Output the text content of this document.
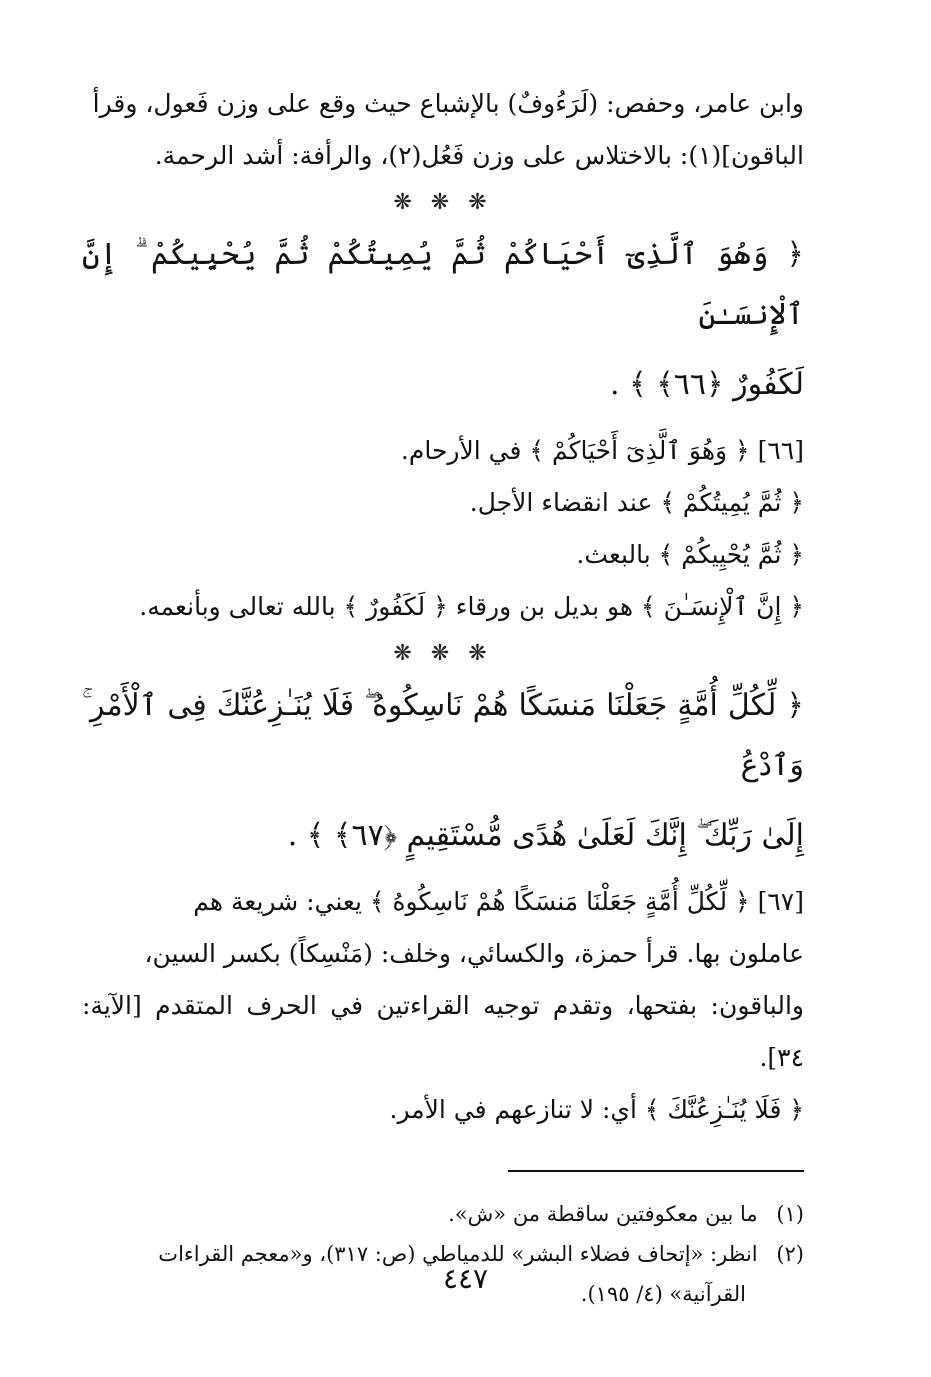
وابن عامر، وحفص: (لَرَءُوفٌ) بالإشباع حيث وقع على وزن فَعول، وقرأ

الباقون](١): بالاختلاس على وزن فَعُل(٢)، والرأفة: أشد الرحمة.

❋ ❋ ❋

﴿ وَهُوَ ٱلَّذِىٓ أَحْيَاكُمْ ثُمَّ يُمِيتُكُمْ ثُمَّ يُحْيِيكُمْ ۗ إِنَّ ٱلْإِنسَـٰنَ

لَكَفُورٌ ﴿٦٦﴾ ﴾ .

[٦٦] ﴿ وَهُوَ ٱلَّذِىٓ أَحْيَاكُمْ ﴾ في الأرحام.

﴿ ثُمَّ يُمِيتُكُمْ ﴾ عند انقضاء الأجل.

﴿ ثُمَّ يُحْيِيكُمْ ﴾ بالبعث.

﴿ إِنَّ ٱلْإِنسَـٰنَ ﴾ هو بديل بن ورقاء ﴿ لَكَفُورٌ ﴾ بالله تعالى وبأنعمه.

❋ ❋ ❋

﴿ لِّكُلِّ أُمَّةٍ جَعَلْنَا مَنسَكًا هُمْ نَاسِكُوهُ ۖ فَلَا يُنَـٰزِعُنَّكَ فِى ٱلْأَمْرِ ۚ وَٱدْعُ

إِلَىٰ رَبِّكَ ۖ إِنَّكَ لَعَلَىٰ هُدًى مُّسْتَقِيمٍ ﴿٦٧﴾ ﴾ .

[٦٧] ﴿ لِّكُلِّ أُمَّةٍ جَعَلْنَا مَنسَكًا هُمْ نَاسِكُوهُ ﴾ يعني: شريعة هم

عاملون بها. قرأ حمزة، والكسائي، وخلف: (مَنْسِكاً) بكسر السين،

والباقون: بفتحها، وتقدم توجيه القراءتين في الحرف المتقدم [الآية: ٣٤].

﴿ فَلَا يُنَـٰزِعُنَّكَ ﴾ أي: لا تنازعهم في الأمر.

(١) ما بين معكوفتين ساقطة من «ش».

(٢) انظر: «إتحاف فضلاء البشر» للدمياطي (ص: ٣١٧)، و«معجم القراءات

القرآنية» (٤/ ١٩٥).

٤٤٧
